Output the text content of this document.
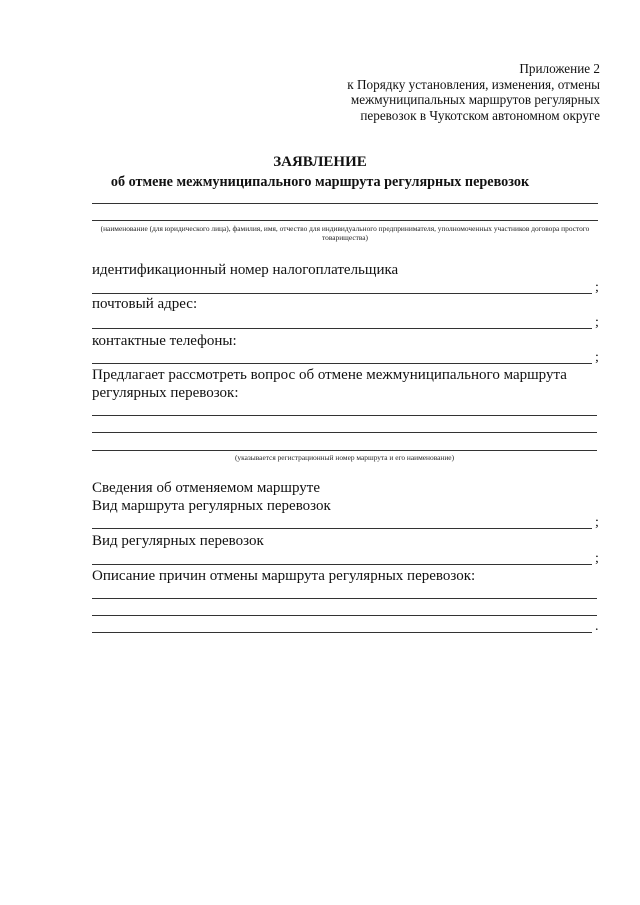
Приложение 2
к Порядку установления, изменения, отмены
межмуниципальных маршрутов регулярных
перевозок в Чукотском автономном округе
ЗАЯВЛЕНИЕ
об отмене межмуниципального маршрута регулярных перевозок
(наименование (для юридического лица), фамилия, имя, отчество для индивидуального предпринимателя, уполномоченных участников договора простого товарищества)
идентификационный номер налогоплательщика
;
почтовый адрес:
;
контактные телефоны:
;
Предлагает рассмотреть вопрос об отмене межмуниципального маршрута
регулярных перевозок:
(указывается регистрационный номер маршрута и его наименование)
Сведения об отменяемом маршруте
Вид маршрута регулярных перевозок
;
Вид регулярных перевозок
;
Описание причин отмены маршрута регулярных перевозок:
.
